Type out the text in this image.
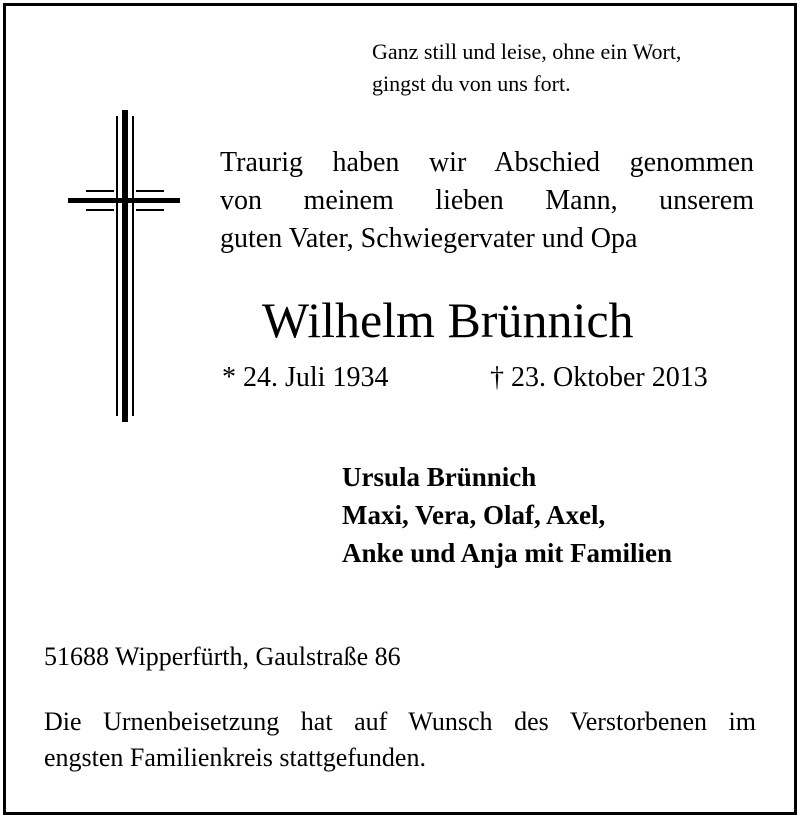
Ganz still und leise, ohne ein Wort,
gingst du von uns fort.
Traurig haben wir Abschied genommen
von meinem lieben Mann, unserem
guten Vater, Schwiegervater und Opa
Wilhelm Brünnich
* 24. Juli 1934	† 23. Oktober 2013
Ursula Brünnich
Maxi, Vera, Olaf, Axel,
Anke und Anja mit Familien
51688 Wipperfürth, Gaulstraße 86
Die Urnenbeisetzung hat auf Wunsch des Verstorbenen im
engsten Familienkreis stattgefunden.
